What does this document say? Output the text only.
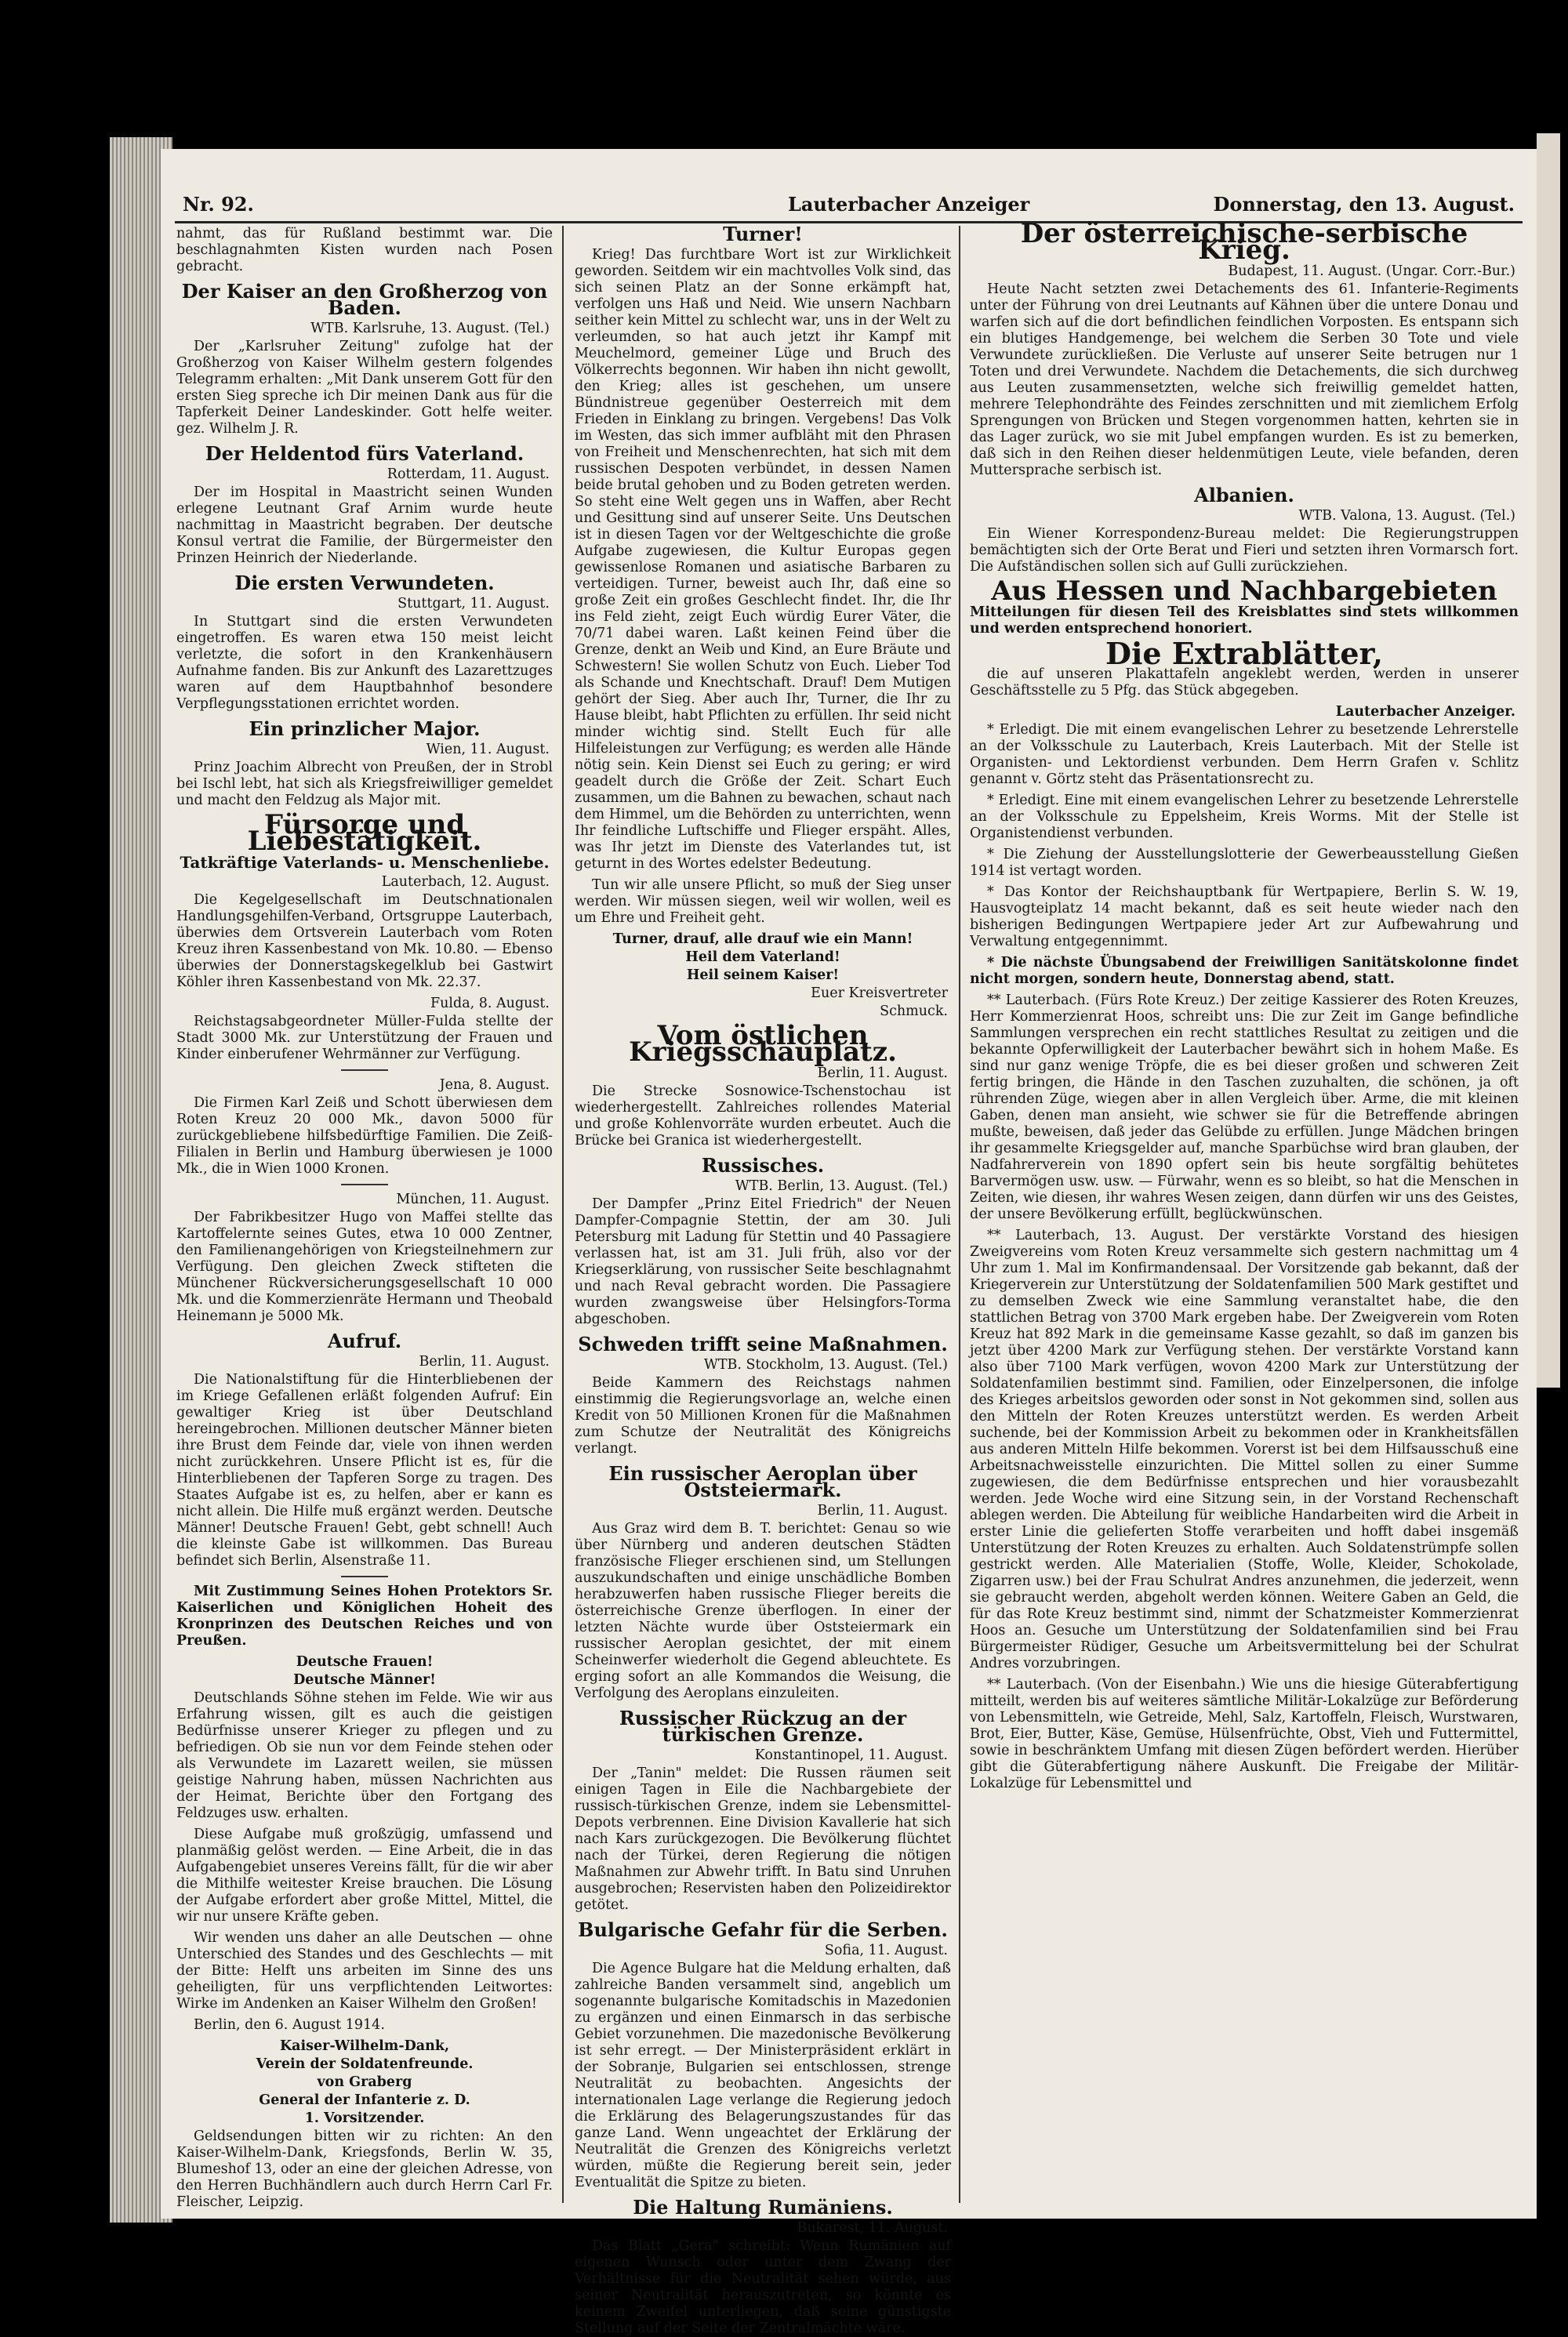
Nr. 92.	Lauterbacher Anzeiger	Donnerstag, den 13. August.

nahmt, das für Rußland bestimmt war. Die beschlagnahmten Kisten wurden nach Posen gebracht.

Der Kaiser an den Großherzog von Baden.
WTB. Karlsruhe, 13. August. (Tel.)

Der „Karlsruher Zeitung" zufolge hat der Großherzog von Kaiser Wilhelm gestern folgendes Telegramm erhalten: „Mit Dank unserem Gott für den ersten Sieg spreche ich Dir meinen Dank aus für die Tapferkeit Deiner Landeskinder. Gott helfe weiter. gez. Wilhelm J. R.

Der Heldentod fürs Vaterland.
Rotterdam, 11. August.

Der im Hospital in Maastricht seinen Wunden erlegene Leutnant Graf Arnim wurde heute nachmittag in Maastricht begraben. Der deutsche Konsul vertrat die Familie, der Bürgermeister den Prinzen Heinrich der Niederlande.

Die ersten Verwundeten.
Stuttgart, 11. August.

In Stuttgart sind die ersten Verwundeten eingetroffen. Es waren etwa 150 meist leicht verletzte, die sofort in den Krankenhäusern Aufnahme fanden. Bis zur Ankunft des Lazarettzuges waren auf dem Hauptbahnhof besondere Verpflegungsstationen errichtet worden.

Ein prinzlicher Major.
Wien, 11. August.

Prinz Joachim Albrecht von Preußen, der in Strobl bei Ischl lebt, hat sich als Kriegsfreiwilliger gemeldet und macht den Feldzug als Major mit.

Fürsorge und Liebestätigkeit.
Tatkräftige Vaterlands- u. Menschenliebe.
Lauterbach, 12. August.

Die Kegelgesellschaft im Deutschnationalen Handlungsgehilfen-Verband, Ortsgruppe Lauterbach, überwies dem Ortsverein Lauterbach vom Roten Kreuz ihren Kassenbestand von Mk. 10.80. — Ebenso überwies der Donnerstagskegelklub bei Gastwirt Köhler ihren Kassenbestand von Mk. 22.37.

Fulda, 8. August.

Reichstagsabgeordneter Müller-Fulda stellte der Stadt 3000 Mk. zur Unterstützung der Frauen und Kinder einberufener Wehrmänner zur Verfügung.

Jena, 8. August.

Die Firmen Karl Zeiß und Schott überwiesen dem Roten Kreuz 20 000 Mk., davon 5000 für zurückgebliebene hilfsbedürftige Familien. Die Zeiß-Filialen in Berlin und Hamburg überwiesen je 1000 Mk., die in Wien 1000 Kronen.

München, 11. August.

Der Fabrikbesitzer Hugo von Maffei stellte das Kartoffelernte seines Gutes, etwa 10 000 Zentner, den Familienangehörigen von Kriegsteilnehmern zur Verfügung. Den gleichen Zweck stifteten die Münchener Rückversicherungsgesellschaft 10 000 Mk. und die Kommerzienräte Hermann und Theobald Heinemann je 5000 Mk.

Aufruf.
Berlin, 11. August.

Die Nationalstiftung für die Hinterbliebenen der im Kriege Gefallenen erläßt folgenden Aufruf: Ein gewaltiger Krieg ist über Deutschland hereingebrochen. Millionen deutscher Männer bieten ihre Brust dem Feinde dar, viele von ihnen werden nicht zurückkehren. Unsere Pflicht ist es, für die Hinterbliebenen der Tapferen Sorge zu tragen. Des Staates Aufgabe ist es, zu helfen, aber er kann es nicht allein. Die Hilfe muß ergänzt werden. Deutsche Männer! Deutsche Frauen! Gebt, gebt schnell! Auch die kleinste Gabe ist willkommen. Das Bureau befindet sich Berlin, Alsenstraße 11.

Mit Zustimmung Seines Hohen Protektors Sr. Kaiserlichen und Königlichen Hoheit des Kronprinzen des Deutschen Reiches und von Preußen.

Deutsche Frauen!
Deutsche Männer!

Deutschlands Söhne stehen im Felde. Wie wir aus Erfahrung wissen, gilt es auch die geistigen Bedürfnisse unserer Krieger zu pflegen und zu befriedigen. Ob sie nun vor dem Feinde stehen oder als Verwundete im Lazarett weilen, sie müssen geistige Nahrung haben, müssen Nachrichten aus der Heimat, Berichte über den Fortgang des Feldzuges usw. erhalten.

Diese Aufgabe muß großzügig, umfassend und planmäßig gelöst werden. — Eine Arbeit, die in das Aufgabengebiet unseres Vereins fällt, für die wir aber die Mithilfe weitester Kreise brauchen. Die Lösung der Aufgabe erfordert aber große Mittel, Mittel, die wir nur unsere Kräfte geben.

Wir wenden uns daher an alle Deutschen — ohne Unterschied des Standes und des Geschlechts — mit der Bitte: Helft uns arbeiten im Sinne des uns geheiligten, für uns verpflichtenden Leitwortes: Wirke im Andenken an Kaiser Wilhelm den Großen!

Berlin, den 6. August 1914.

Kaiser-Wilhelm-Dank,
Verein der Soldatenfreunde.
von Graberg
General der Infanterie z. D.
1. Vorsitzender.

Geldsendungen bitten wir zu richten: An den Kaiser-Wilhelm-Dank, Kriegsfonds, Berlin W. 35, Blumeshof 13, oder an eine der gleichen Adresse, von den Herren Buchhändlern auch durch Herrn Carl Fr. Fleischer, Leipzig.

Turner!

Krieg! Das furchtbare Wort ist zur Wirklichkeit geworden. Seitdem wir ein machtvolles Volk sind, das sich seinen Platz an der Sonne erkämpft hat, verfolgen uns Haß und Neid. Wie unsern Nachbarn seither kein Mittel zu schlecht war, uns in der Welt zu verleumden, so hat auch jetzt ihr Kampf mit Meuchelmord, gemeiner Lüge und Bruch des Völkerrechts begonnen. Wir haben ihn nicht gewollt, den Krieg; alles ist geschehen, um unsere Bündnistreue gegenüber Oesterreich mit dem Frieden in Einklang zu bringen. Vergebens! Das Volk im Westen, das sich immer aufbläht mit den Phrasen von Freiheit und Menschenrechten, hat sich mit dem russischen Despoten verbündet, in dessen Namen beide brutal gehoben und zu Boden getreten werden. So steht eine Welt gegen uns in Waffen, aber Recht und Gesittung sind auf unserer Seite. Uns Deutschen ist in diesen Tagen vor der Weltgeschichte die große Aufgabe zugewiesen, die Kultur Europas gegen gewissenlose Romanen und asiatische Barbaren zu verteidigen. Turner, beweist auch Ihr, daß eine so große Zeit ein großes Geschlecht findet. Ihr, die Ihr ins Feld zieht, zeigt Euch würdig Eurer Väter, die 70/71 dabei waren. Laßt keinen Feind über die Grenze, denkt an Weib und Kind, an Eure Bräute und Schwestern! Sie wollen Schutz von Euch. Lieber Tod als Schande und Knechtschaft. Drauf! Dem Mutigen gehört der Sieg. Aber auch Ihr, Turner, die Ihr zu Hause bleibt, habt Pflichten zu erfüllen. Ihr seid nicht minder wichtig sind. Stellt Euch für alle Hilfeleistungen zur Verfügung; es werden alle Hände nötig sein. Kein Dienst sei Euch zu gering; er wird geadelt durch die Größe der Zeit. Schart Euch zusammen, um die Bahnen zu bewachen, schaut nach dem Himmel, um die Behörden zu unterrichten, wenn Ihr feindliche Luftschiffe und Flieger erspäht. Alles, was Ihr jetzt im Dienste des Vaterlandes tut, ist geturnt in des Wortes edelster Bedeutung.

Tun wir alle unsere Pflicht, so muß der Sieg unser werden. Wir müssen siegen, weil wir wollen, weil es um Ehre und Freiheit geht.

Turner, drauf, alle drauf wie ein Mann!
Heil dem Vaterland!
Heil seinem Kaiser!
Euer Kreisvertreter
Schmuck.
Vom östlichen Kriegsschauplatz.
Berlin, 11. August.

Die Strecke Sosnowice-Tschenstochau ist wiederhergestellt. Zahlreiches rollendes Material und große Kohlenvorräte wurden erbeutet. Auch die Brücke bei Granica ist wiederhergestellt.

Russisches.
WTB. Berlin, 13. August. (Tel.)

Der Dampfer „Prinz Eitel Friedrich" der Neuen Dampfer-Compagnie Stettin, der am 30. Juli Petersburg mit Ladung für Stettin und 40 Passagiere verlassen hat, ist am 31. Juli früh, also vor der Kriegserklärung, von russischer Seite beschlagnahmt und nach Reval gebracht worden. Die Passagiere wurden zwangsweise über Helsingfors-Torma abgeschoben.

Schweden trifft seine Maßnahmen.
WTB. Stockholm, 13. August. (Tel.)

Beide Kammern des Reichstags nahmen einstimmig die Regierungsvorlage an, welche einen Kredit von 50 Millionen Kronen für die Maßnahmen zum Schutze der Neutralität des Königreichs verlangt.

Ein russischer Aeroplan über Oststeiermark.
Berlin, 11. August.

Aus Graz wird dem B. T. berichtet: Genau so wie über Nürnberg und anderen deutschen Städten französische Flieger erschienen sind, um Stellungen auszukundschaften und einige unschädliche Bomben herabzuwerfen haben russische Flieger bereits die österreichische Grenze überflogen. In einer der letzten Nächte wurde über Oststeiermark ein russischer Aeroplan gesichtet, der mit einem Scheinwerfer wiederholt die Gegend ableuchtete. Es erging sofort an alle Kommandos die Weisung, die Verfolgung des Aeroplans einzuleiten.

Russischer Rückzug an der türkischen Grenze.
Konstantinopel, 11. August.

Der „Tanin" meldet: Die Russen räumen seit einigen Tagen in Eile die Nachbargebiete der russisch-türkischen Grenze, indem sie Lebensmittel-Depots verbrennen. Eine Division Kavallerie hat sich nach Kars zurückgezogen. Die Bevölkerung flüchtet nach der Türkei, deren Regierung die nötigen Maßnahmen zur Abwehr trifft. In Batu sind Unruhen ausgebrochen; Reservisten haben den Polizeidirektor getötet.

Bulgarische Gefahr für die Serben.
Sofia, 11. August.

Die Agence Bulgare hat die Meldung erhalten, daß zahlreiche Banden versammelt sind, angeblich um sogenannte bulgarische Komitadschis in Mazedonien zu ergänzen und einen Einmarsch in das serbische Gebiet vorzunehmen. Die mazedonische Bevölkerung ist sehr erregt. — Der Ministerpräsident erklärt in der Sobranje, Bulgarien sei entschlossen, strenge Neutralität zu beobachten. Angesichts der internationalen Lage verlange die Regierung jedoch die Erklärung des Belagerungszustandes für das ganze Land. Wenn ungeachtet der Erklärung der Neutralität die Grenzen des Königreichs verletzt würden, müßte die Regierung bereit sein, jeder Eventualität die Spitze zu bieten.

Die Haltung Rumäniens.
Bukarest, 11. August.

Das Blatt „Gera" schreibt: Wenn Rumänien auf eigenen Wunsch oder unter dem Zwang der Verhältnisse für die Neutralität sehen würde, aus seiner Neutralität herauszutreten, so könnte es keinem Zweifel unterliegen, daß seine günstigste Stellung auf der Seite der Zentralmächte wäre.

Der österreichische-serbische Krieg.
Budapest, 11. August. (Ungar. Corr.-Bur.)

Heute Nacht setzten zwei Detachements des 61. Infanterie-Regiments unter der Führung von drei Leutnants auf Kähnen über die untere Donau und warfen sich auf die dort befindlichen feindlichen Vorposten. Es entspann sich ein blutiges Handgemenge, bei welchem die Serben 30 Tote und viele Verwundete zurückließen. Die Verluste auf unserer Seite betrugen nur 1 Toten und drei Verwundete. Nachdem die Detachements, die sich durchweg aus Leuten zusammensetzten, welche sich freiwillig gemeldet hatten, mehrere Telephondrähte des Feindes zerschnitten und mit ziemlichem Erfolg Sprengungen von Brücken und Stegen vorgenommen hatten, kehrten sie in das Lager zurück, wo sie mit Jubel empfangen wurden. Es ist zu bemerken, daß sich in den Reihen dieser heldenmütigen Leute, viele befanden, deren Muttersprache serbisch ist.

Albanien.
WTB. Valona, 13. August. (Tel.)

Ein Wiener Korrespondenz-Bureau meldet: Die Regierungstruppen bemächtigten sich der Orte Berat und Fieri und setzten ihren Vormarsch fort. Die Aufständischen sollen sich auf Gulli zurückziehen.

Aus Hessen und Nachbargebieten

Mitteilungen für diesen Teil des Kreisblattes sind stets willkommen und werden entsprechend honoriert.

Die Extrablätter,

die auf unseren Plakattafeln angeklebt werden, werden in unserer Geschäftsstelle zu 5 Pfg. das Stück abgegeben.

Lauterbacher Anzeiger.

* Erledigt. Die mit einem evangelischen Lehrer zu besetzende Lehrerstelle an der Volksschule zu Lauterbach, Kreis Lauterbach. Mit der Stelle ist Organisten- und Lektordienst verbunden. Dem Herrn Grafen v. Schlitz genannt v. Görtz steht das Präsentationsrecht zu.

* Erledigt. Eine mit einem evangelischen Lehrer zu besetzende Lehrerstelle an der Volksschule zu Eppelsheim, Kreis Worms. Mit der Stelle ist Organistendienst verbunden.

* Die Ziehung der Ausstellungslotterie der Gewerbeausstellung Gießen 1914 ist vertagt worden.

* Das Kontor der Reichshauptbank für Wertpapiere, Berlin S. W. 19, Hausvogteiplatz 14 macht bekannt, daß es seit heute wieder nach den bisherigen Bedingungen Wertpapiere jeder Art zur Aufbewahrung und Verwaltung entgegennimmt.

* Die nächste Übungsabend der Freiwilligen Sanitätskolonne findet nicht morgen, sondern heute, Donnerstag abend, statt.

** Lauterbach. (Fürs Rote Kreuz.) Der zeitige Kassierer des Roten Kreuzes, Herr Kommerzienrat Hoos, schreibt uns: Die zur Zeit im Gange befindliche Sammlungen versprechen ein recht stattliches Resultat zu zeitigen und die bekannte Opferwilligkeit der Lauterbacher bewährt sich in hohem Maße. Es sind nur ganz wenige Tröpfe, die es bei dieser großen und schweren Zeit fertig bringen, die Hände in den Taschen zuzuhalten, die schönen, ja oft rührenden Züge, wiegen aber in allen Vergleich über. Arme, die mit kleinen Gaben, denen man ansieht, wie schwer sie für die Betreffende abringen mußte, beweisen, daß jeder das Gelübde zu erfüllen. Junge Mädchen bringen ihr gesammelte Kriegsgelder auf, manche Sparbüchse wird bran glauben, der Nadfahrerverein von 1890 opfert sein bis heute sorgfältig behütetes Barvermögen usw. usw. — Fürwahr, wenn es so bleibt, so hat die Menschen in Zeiten, wie diesen, ihr wahres Wesen zeigen, dann dürfen wir uns des Geistes, der unsere Bevölkerung erfüllt, beglückwünschen.

** Lauterbach, 13. August. Der verstärkte Vorstand des hiesigen Zweigvereins vom Roten Kreuz versammelte sich gestern nachmittag um 4 Uhr zum 1. Mal im Konfirmandensaal. Der Vorsitzende gab bekannt, daß der Kriegerverein zur Unterstützung der Soldatenfamilien 500 Mark gestiftet und zu demselben Zweck wie eine Sammlung veranstaltet habe, die den stattlichen Betrag von 3700 Mark ergeben habe. Der Zweigverein vom Roten Kreuz hat 892 Mark in die gemeinsame Kasse gezahlt, so daß im ganzen bis jetzt über 4200 Mark zur Verfügung stehen. Der verstärkte Vorstand kann also über 7100 Mark verfügen, wovon 4200 Mark zur Unterstützung der Soldatenfamilien bestimmt sind. Familien, oder Einzelpersonen, die infolge des Krieges arbeitslos geworden oder sonst in Not gekommen sind, sollen aus den Mitteln der Roten Kreuzes unterstützt werden. Es werden Arbeit suchende, bei der Kommission Arbeit zu bekommen oder in Krankheitsfällen aus anderen Mitteln Hilfe bekommen. Vorerst ist bei dem Hilfsausschuß eine Arbeitsnachweisstelle einzurichten. Die Mittel sollen zu einer Summe zugewiesen, die dem Bedürfnisse entsprechen und hier vorausbezahlt werden. Jede Woche wird eine Sitzung sein, in der Vorstand Rechenschaft ablegen werden. Die Abteilung für weibliche Handarbeiten wird die Arbeit in erster Linie die gelieferten Stoffe verarbeiten und hofft dabei insgemäß Unterstützung der Roten Kreuzes zu erhalten. Auch Soldatenstrümpfe sollen gestrickt werden. Alle Materialien (Stoffe, Wolle, Kleider, Schokolade, Zigarren usw.) bei der Frau Schulrat Andres anzunehmen, die jederzeit, wenn sie gebraucht werden, abgeholt werden können. Weitere Gaben an Geld, die für das Rote Kreuz bestimmt sind, nimmt der Schatzmeister Kommerzienrat Hoos an. Gesuche um Unterstützung der Soldatenfamilien sind bei Frau Bürgermeister Rüdiger, Gesuche um Arbeitsvermittelung bei der Schulrat Andres vorzubringen.

** Lauterbach. (Von der Eisenbahn.) Wie uns die hiesige Güterabfertigung mitteilt, werden bis auf weiteres sämtliche Militär-Lokalzüge zur Beförderung von Lebensmitteln, wie Getreide, Mehl, Salz, Kartoffeln, Fleisch, Wurstwaren, Brot, Eier, Butter, Käse, Gemüse, Hülsenfrüchte, Obst, Vieh und Futtermittel, sowie in beschränktem Umfang mit diesen Zügen befördert werden. Hierüber gibt die Güterabfertigung nähere Auskunft. Die Freigabe der Militär-Lokalzüge für Lebensmittel und
